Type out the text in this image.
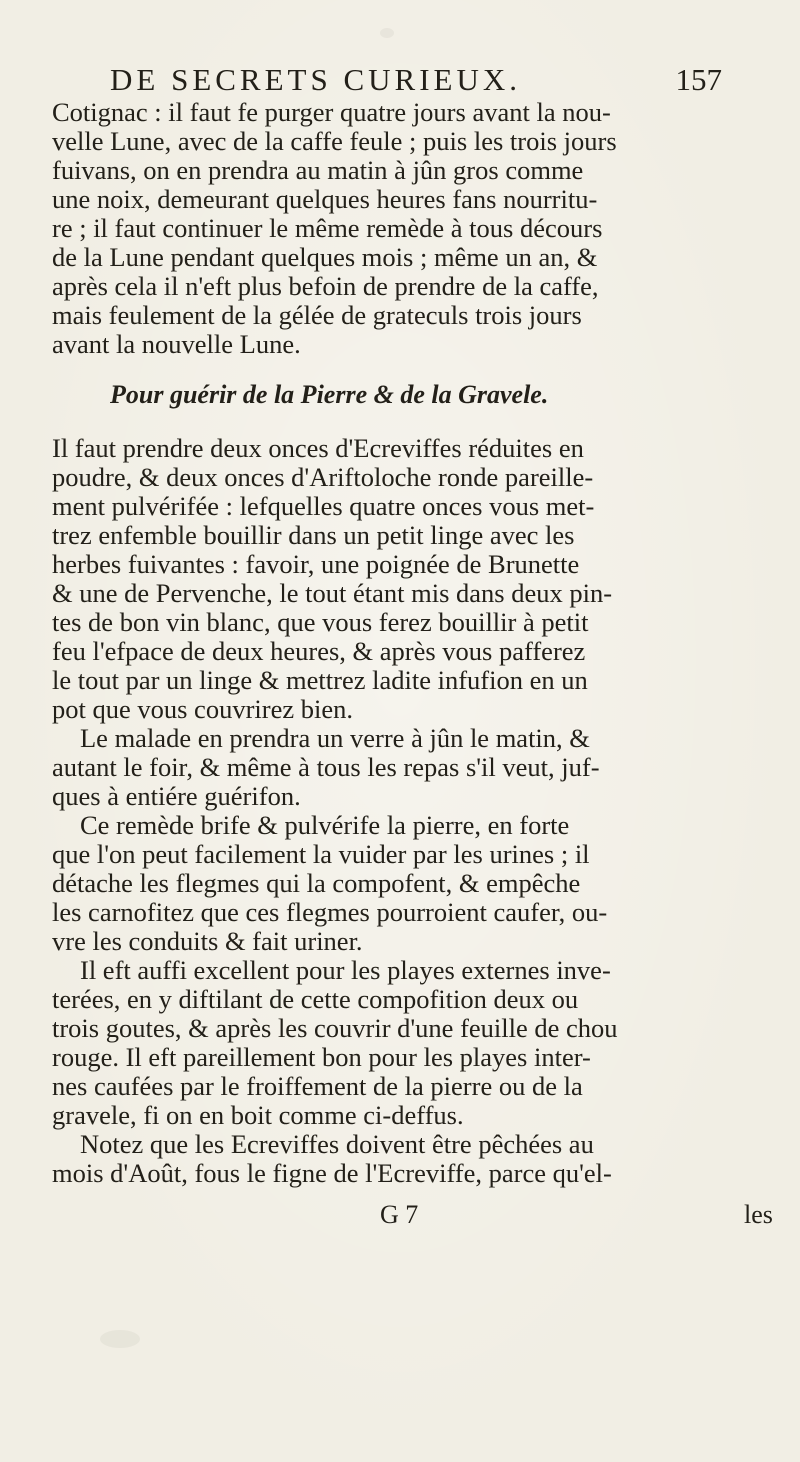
DE SECRETS CURIEUX.	157
Cotignac : il faut fe purger quatre jours avant la nou-
velle Lune, avec de la caffe feule ; puis les trois jours
fuivans, on en prendra au matin à jûn gros comme
une noix, demeurant quelques heures fans nourritu-
re ; il faut continuer le même remède à tous décours
de la Lune pendant quelques mois ; même un an, &
après cela il n'eft plus befoin de prendre de la caffe,
mais feulement de la gélée de grateculs trois jours
avant la nouvelle Lune.
Pour guérir de la Pierre & de la Gravele.
Il faut prendre deux onces d'Ecreviffes réduites en
poudre, & deux onces d'Ariftoloche ronde pareille-
ment pulvérifée : lefquelles quatre onces vous met-
trez enfemble bouillir dans un petit linge avec les
herbes fuivantes : favoir, une poignée de Brunette
& une de Pervenche, le tout étant mis dans deux pin-
tes de bon vin blanc, que vous ferez bouillir à petit
feu l'efpace de deux heures, & après vous pafferez
le tout par un linge & mettrez ladite infufion en un
pot que vous couvrirez bien.
Le malade en prendra un verre à jûn le matin, &
autant le foir, & même à tous les repas s'il veut, juf-
ques à entiére guérifon.
Ce remède brife & pulvérife la pierre, en forte
que l'on peut facilement la vuider par les urines ; il
détache les flegmes qui la compofent, & empêche
les carnofitez que ces flegmes pourroient caufer, ou-
vre les conduits & fait uriner.
Il eft auffi excellent pour les playes externes inve-
terées, en y diftilant de cette compofition deux ou
trois goutes, & après les couvrir d'une feuille de chou
rouge. Il eft pareillement bon pour les playes inter-
nes caufées par le froiffement de la pierre ou de la
gravele, fi on en boit comme ci-deffus.
Notez que les Ecreviffes doivent être pêchées au
mois d'Août, fous le figne de l'Ecreviffe, parce qu'el-
G 7	les
